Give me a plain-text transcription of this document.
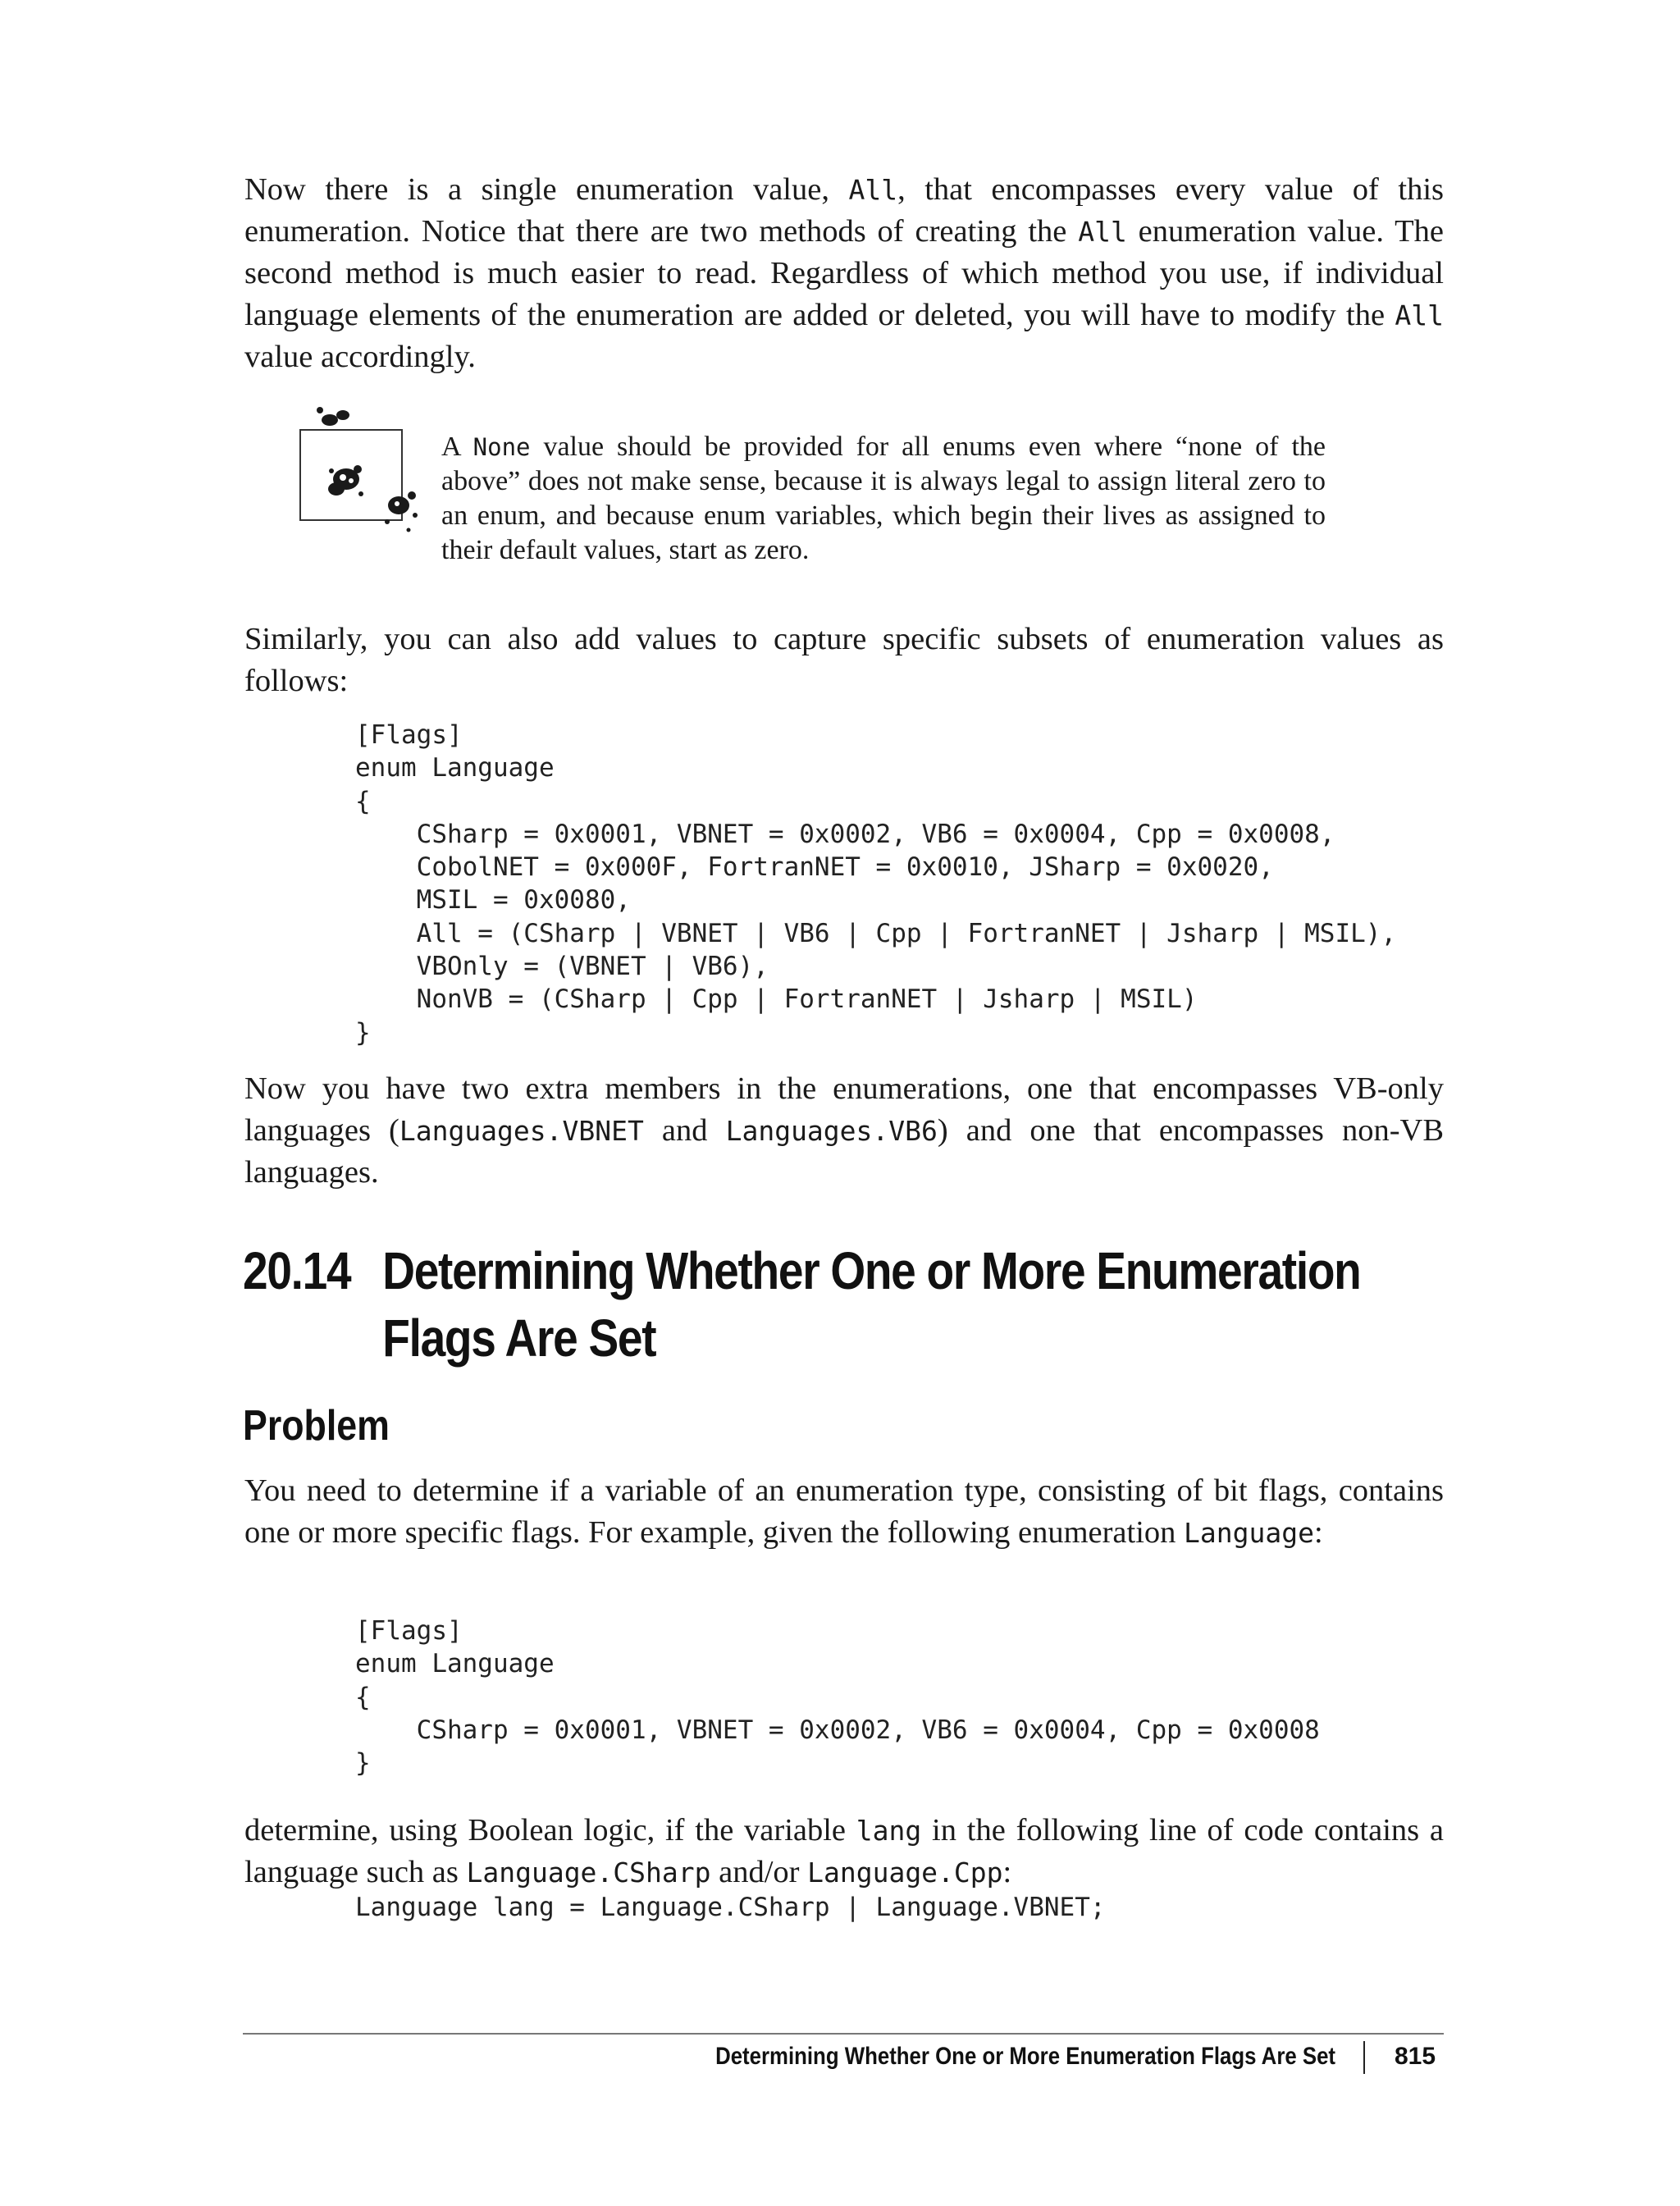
Now there is a single enumeration value, All, that encompasses every value of this enumeration. Notice that there are two methods of creating the All enumeration value. The second method is much easier to read. Regardless of which method you use, if individual language elements of the enumeration are added or deleted, you will have to modify the All value accordingly.

A None value should be provided for all enums even where “none of the above” does not make sense, because it is always legal to assign literal zero to an enum, and because enum variables, which begin their lives as assigned to their default values, start as zero.

Similarly, you can also add values to capture specific subsets of enumeration values as follows:

[Flags]
enum Language
{
CSharp = 0x0001, VBNET = 0x0002, VB6 = 0x0004, Cpp = 0x0008,
CobolNET = 0x000F, FortranNET = 0x0010, JSharp = 0x0020,
MSIL = 0x0080,
All = (CSharp | VBNET | VB6 | Cpp | FortranNET | Jsharp | MSIL),
VBOnly = (VBNET | VB6),
NonVB = (CSharp | Cpp | FortranNET | Jsharp | MSIL)
}

Now you have two extra members in the enumerations, one that encompasses VB-only languages (Languages.VBNET and Languages.VB6) and one that encompasses non-VB languages.

20.14 Determining Whether One or More Enumeration
Flags Are Set
Problem

You need to determine if a variable of an enumeration type, consisting of bit flags, contains one or more specific flags. For example, given the following enumeration Language:

[Flags]
enum Language
{
CSharp = 0x0001, VBNET = 0x0002, VB6 = 0x0004, Cpp = 0x0008
}

determine, using Boolean logic, if the variable lang in the following line of code contains a language such as Language.CSharp and/or Language.Cpp:

Language lang = Language.CSharp | Language.VBNET;
Determining Whether One or More Enumeration Flags Are Set 815
